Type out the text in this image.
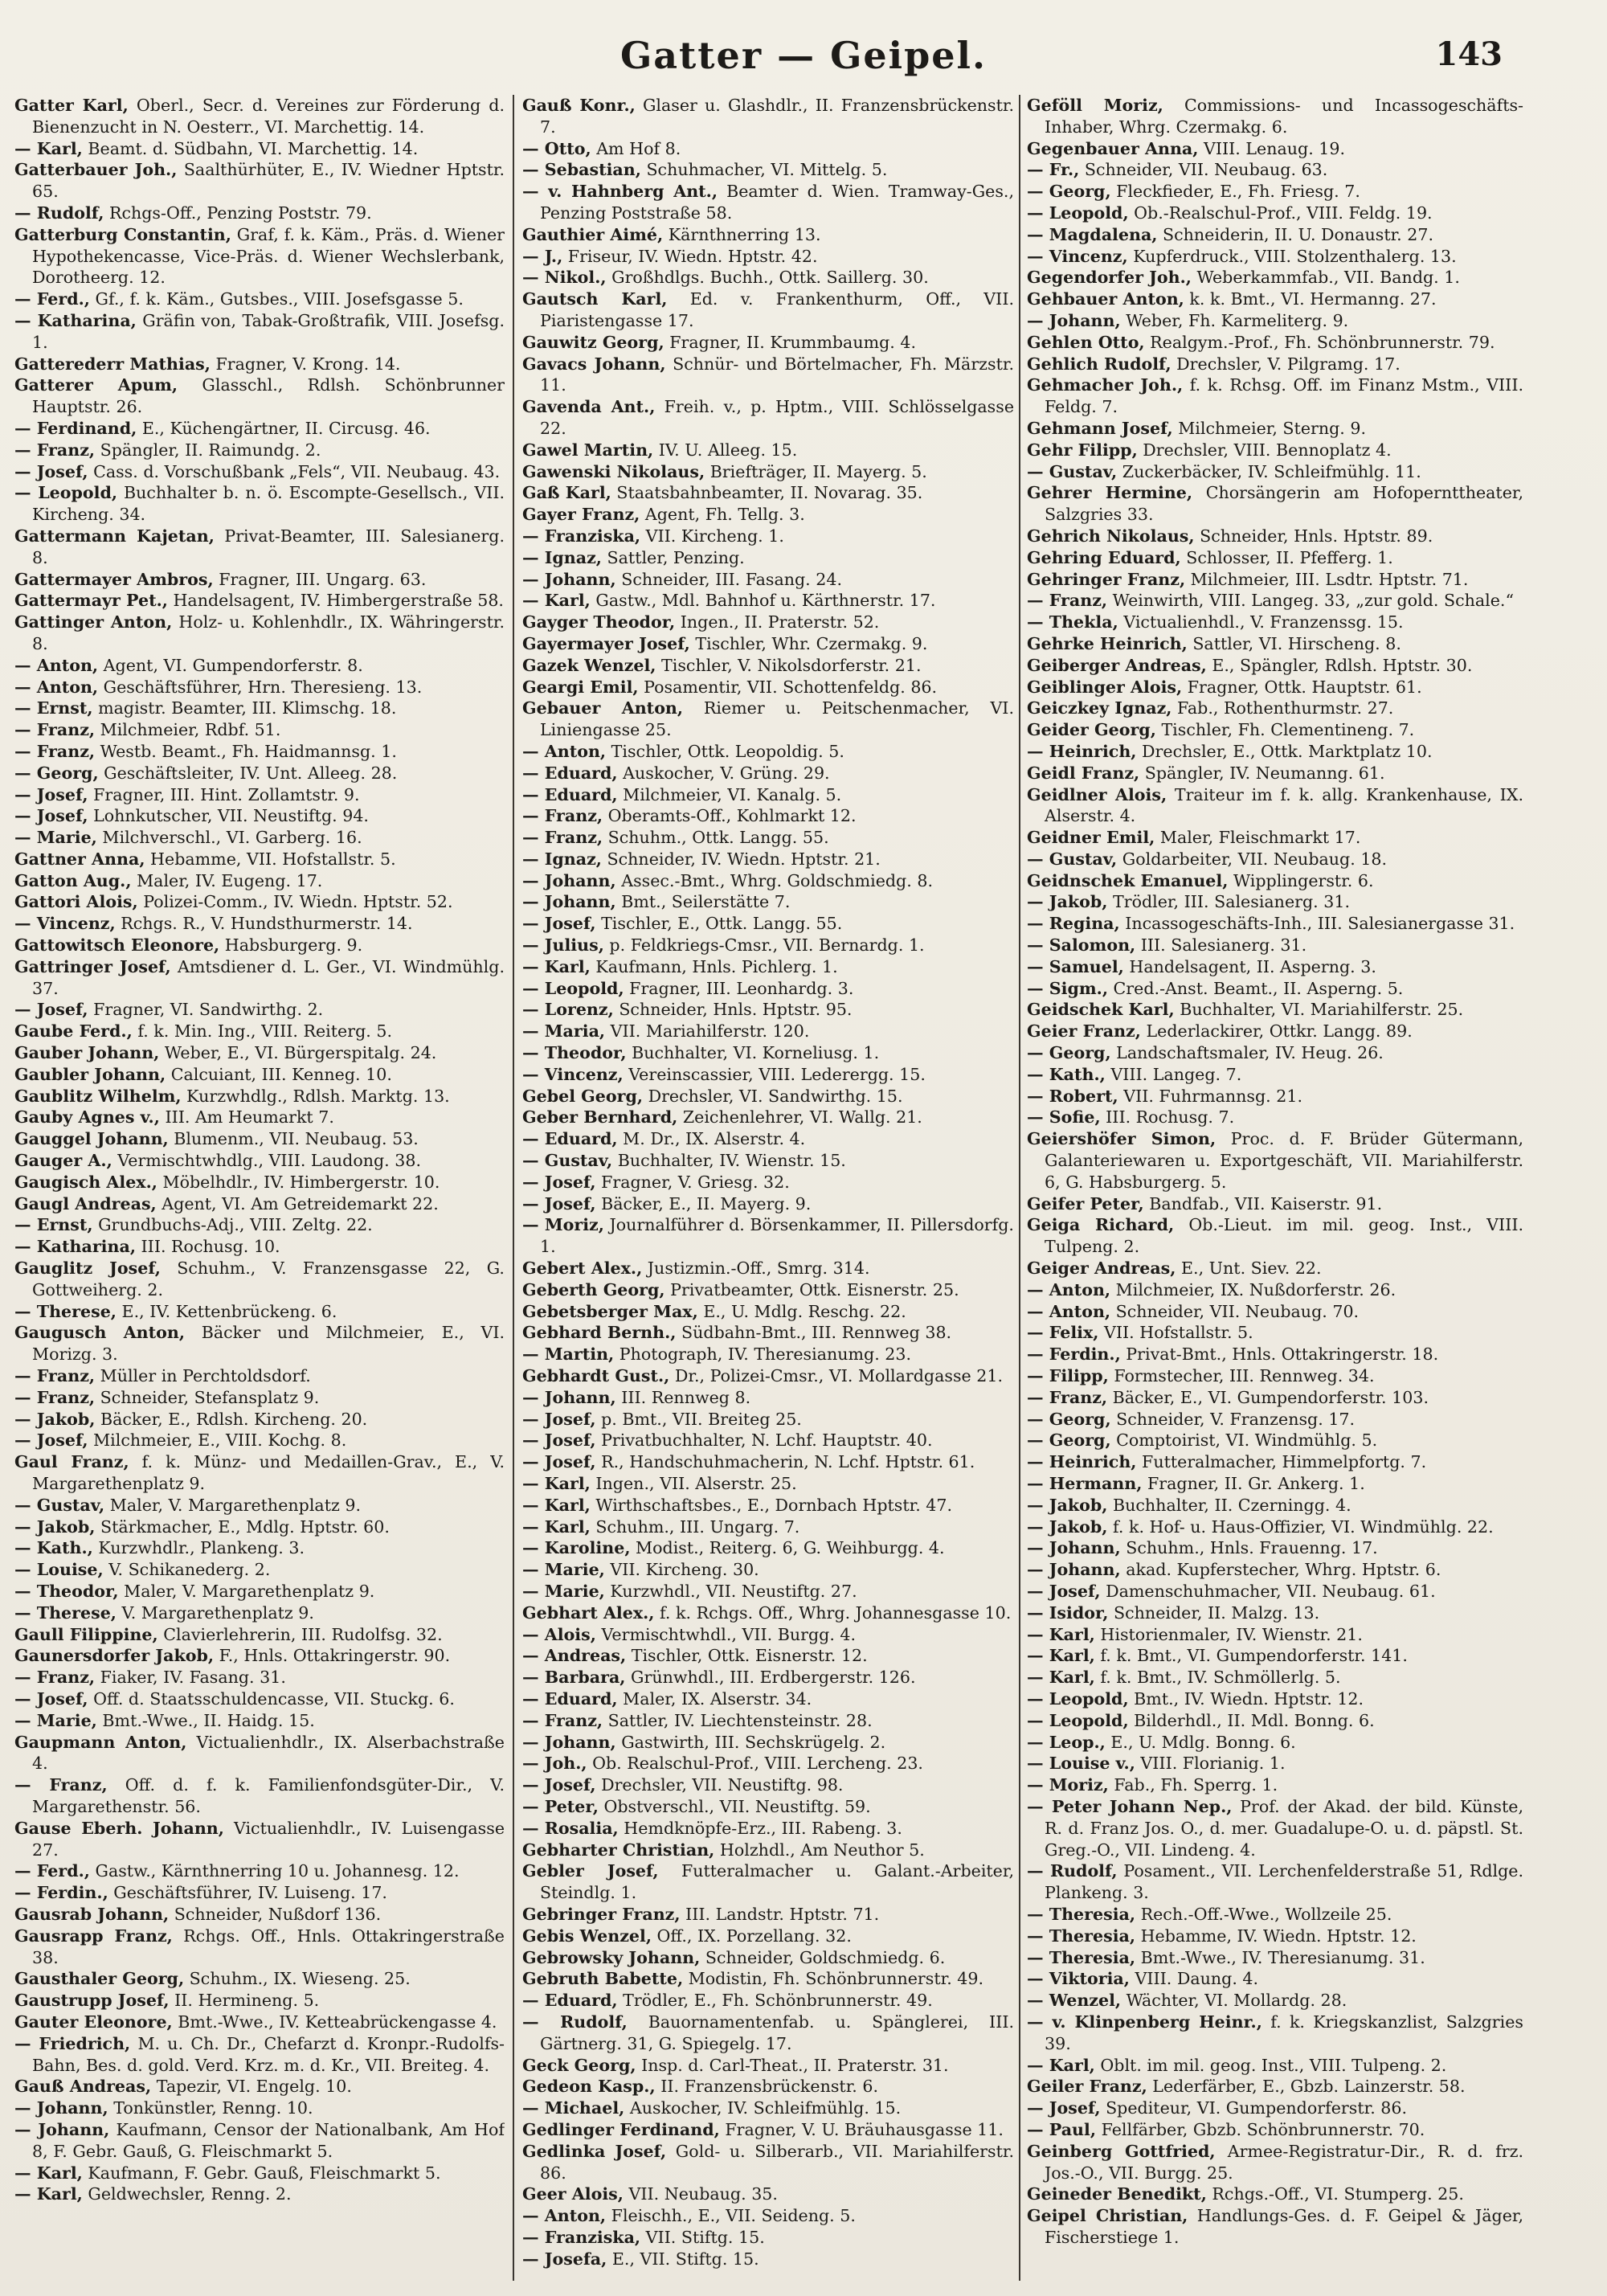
Gatter — Geipel.	143
Gatter Karl, Oberl., Secr. d. Vereines zur Förderung d. Bienenzucht in N. Oesterr., VI. Marchettig. 14.
— Karl, Beamt. d. Südbahn, VI. Marchettig. 14.
Gatterbauer Joh., Saalthürhüter, E., IV. Wiedner Hptstr. 65.
— Rudolf, Rchgs-Off., Penzing Poststr. 79.
Gatterburg Constantin, Graf, f. k. Käm., Präs. d. Wiener Hypothekencasse, Vice-Präs. d. Wiener Wechslerbank, Dorotheerg. 12.
— Ferd., Gf., f. k. Käm., Gutsbes., VIII. Josefsgasse 5.
— Katharina, Gräfin von, Tabak-Großtrafik, VIII. Josefsg. 1.
Gatterederr Mathias, Fragner, V. Krong. 14.
Gatterer Apum, Glasschl., Rdlsh. Schönbrunner Hauptstr. 26.
— Ferdinand, E., Küchengärtner, II. Circusg. 46.
— Franz, Spängler, II. Raimundg. 2.
— Josef, Cass. d. Vorschußbank „Fels“, VII. Neubaug. 43.
— Leopold, Buchhalter b. n. ö. Escompte-Gesellsch., VII. Kircheng. 34.
Gattermann Kajetan, Privat-Beamter, III. Salesianerg. 8.
Gattermayer Ambros, Fragner, III. Ungarg. 63.
Gattermayr Pet., Handelsagent, IV. Himbergerstraße 58.
Gattinger Anton, Holz- u. Kohlenhdlr., IX. Währingerstr. 8.
— Anton, Agent, VI. Gumpendorferstr. 8.
— Anton, Geschäftsführer, Hrn. Theresieng. 13.
— Ernst, magistr. Beamter, III. Klimschg. 18.
— Franz, Milchmeier, Rdbf. 51.
— Franz, Westb. Beamt., Fh. Haidmannsg. 1.
— Georg, Geschäftsleiter, IV. Unt. Alleeg. 28.
— Josef, Fragner, III. Hint. Zollamtstr. 9.
— Josef, Lohnkutscher, VII. Neustiftg. 94.
— Marie, Milchverschl., VI. Garberg. 16.
Gattner Anna, Hebamme, VII. Hofstallstr. 5.
Gatton Aug., Maler, IV. Eugeng. 17.
Gattori Alois, Polizei-Comm., IV. Wiedn. Hptstr. 52.
— Vincenz, Rchgs. R., V. Hundsthurmerstr. 14.
Gattowitsch Eleonore, Habsburgerg. 9.
Gattringer Josef, Amtsdiener d. L. Ger., VI. Windmühlg. 37.
— Josef, Fragner, VI. Sandwirthg. 2.
Gaube Ferd., f. k. Min. Ing., VIII. Reiterg. 5.
Gauber Johann, Weber, E., VI. Bürgerspitalg. 24.
Gaubler Johann, Calcuiant, III. Kenneg. 10.
Gaublitz Wilhelm, Kurzwhdlg., Rdlsh. Marktg. 13.
Gauby Agnes v., III. Am Heumarkt 7.
Gauggel Johann, Blumenm., VII. Neubaug. 53.
Gauger A., Vermischtwhdlg., VIII. Laudong. 38.
Gaugisch Alex., Möbelhdlr., IV. Himbergerstr. 10.
Gaugl Andreas, Agent, VI. Am Getreidemarkt 22.
— Ernst, Grundbuchs-Adj., VIII. Zeltg. 22.
— Katharina, III. Rochusg. 10.
Gauglitz Josef, Schuhm., V. Franzensgasse 22, G. Gottweiherg. 2.
— Therese, E., IV. Kettenbrückeng. 6.
Gaugusch Anton, Bäcker und Milchmeier, E., VI. Morizg. 3.
— Franz, Müller in Perchtoldsdorf.
— Franz, Schneider, Stefansplatz 9.
— Jakob, Bäcker, E., Rdlsh. Kircheng. 20.
— Josef, Milchmeier, E., VIII. Kochg. 8.
Gaul Franz, f. k. Münz- und Medaillen-Grav., E., V. Margarethenplatz 9.
— Gustav, Maler, V. Margarethenplatz 9.
— Jakob, Stärkmacher, E., Mdlg. Hptstr. 60.
— Kath., Kurzwhdlr., Plankeng. 3.
— Louise, V. Schikanederg. 2.
— Theodor, Maler, V. Margarethenplatz 9.
— Therese, V. Margarethenplatz 9.
Gaull Filippine, Clavierlehrerin, III. Rudolfsg. 32.
Gaunersdorfer Jakob, F., Hnls. Ottakringerstr. 90.
— Franz, Fiaker, IV. Fasang. 31.
— Josef, Off. d. Staatsschuldencasse, VII. Stuckg. 6.
— Marie, Bmt.-Wwe., II. Haidg. 15.
Gaupmann Anton, Victualienhdlr., IX. Alserbachstraße 4.
— Franz, Off. d. f. k. Familienfondsgüter-Dir., V. Margarethenstr. 56.
Gause Eberh. Johann, Victualienhdlr., IV. Luisengasse 27.
— Ferd., Gastw., Kärnthnerring 10 u. Johannesg. 12.
— Ferdin., Geschäftsführer, IV. Luiseng. 17.
Gausrab Johann, Schneider, Nußdorf 136.
Gausrapp Franz, Rchgs. Off., Hnls. Ottakringerstraße 38.
Gausthaler Georg, Schuhm., IX. Wieseng. 25.
Gaustrupp Josef, II. Hermineng. 5.
Gauter Eleonore, Bmt.-Wwe., IV. Ketteabrückengasse 4.
— Friedrich, M. u. Ch. Dr., Chefarzt d. Kronpr.-Rudolfs-Bahn, Bes. d. gold. Verd. Krz. m. d. Kr., VII. Breiteg. 4.
Gauß Andreas, Tapezir, VI. Engelg. 10.
— Johann, Tonkünstler, Renng. 10.
— Johann, Kaufmann, Censor der Nationalbank, Am Hof 8, F. Gebr. Gauß, G. Fleischmarkt 5.
— Karl, Kaufmann, F. Gebr. Gauß, Fleischmarkt 5.
— Karl, Geldwechsler, Renng. 2.
Gauß Konr., Glaser u. Glashdlr., II. Franzensbrückenstr. 7.
— Otto, Am Hof 8.
— Sebastian, Schuhmacher, VI. Mittelg. 5.
— v. Hahnberg Ant., Beamter d. Wien. Tramway-Ges., Penzing Poststraße 58.
Gauthier Aimé, Kärnthnerring 13.
— J., Friseur, IV. Wiedn. Hptstr. 42.
— Nikol., Großhdlgs. Buchh., Ottk. Saillerg. 30.
Gautsch Karl, Ed. v. Frankenthurm, Off., VII. Piaristengasse 17.
Gauwitz Georg, Fragner, II. Krummbaumg. 4.
Gavacs Johann, Schnür- und Börtelmacher, Fh. Märzstr. 11.
Gavenda Ant., Freih. v., p. Hptm., VIII. Schlösselgasse 22.
Gawel Martin, IV. U. Alleeg. 15.
Gawenski Nikolaus, Briefträger, II. Mayerg. 5.
Gaß Karl, Staatsbahnbeamter, II. Novarag. 35.
Gayer Franz, Agent, Fh. Tellg. 3.
— Franziska, VII. Kircheng. 1.
— Ignaz, Sattler, Penzing.
— Johann, Schneider, III. Fasang. 24.
— Karl, Gastw., Mdl. Bahnhof u. Kärthnerstr. 17.
Gayger Theodor, Ingen., II. Praterstr. 52.
Gayermayer Josef, Tischler, Whr. Czermakg. 9.
Gazek Wenzel, Tischler, V. Nikolsdorferstr. 21.
Geargi Emil, Posamentir, VII. Schottenfeldg. 86.
Gebauer Anton, Riemer u. Peitschenmacher, VI. Liniengasse 25.
— Anton, Tischler, Ottk. Leopoldig. 5.
— Eduard, Auskocher, V. Grüng. 29.
— Eduard, Milchmeier, VI. Kanalg. 5.
— Franz, Oberamts-Off., Kohlmarkt 12.
— Franz, Schuhm., Ottk. Langg. 55.
— Ignaz, Schneider, IV. Wiedn. Hptstr. 21.
— Johann, Assec.-Bmt., Whrg. Goldschmiedg. 8.
— Johann, Bmt., Seilerstätte 7.
— Josef, Tischler, E., Ottk. Langg. 55.
— Julius, p. Feldkriegs-Cmsr., VII. Bernardg. 1.
— Karl, Kaufmann, Hnls. Pichlerg. 1.
— Leopold, Fragner, III. Leonhardg. 3.
— Lorenz, Schneider, Hnls. Hptstr. 95.
— Maria, VII. Mariahilferstr. 120.
— Theodor, Buchhalter, VI. Korneliusg. 1.
— Vincenz, Vereinscassier, VIII. Lederergg. 15.
Gebel Georg, Drechsler, VI. Sandwirthg. 15.
Geber Bernhard, Zeichenlehrer, VI. Wallg. 21.
— Eduard, M. Dr., IX. Alserstr. 4.
— Gustav, Buchhalter, IV. Wienstr. 15.
— Josef, Fragner, V. Griesg. 32.
— Josef, Bäcker, E., II. Mayerg. 9.
— Moriz, Journalführer d. Börsenkammer, II. Pillersdorfg. 1.
Gebert Alex., Justizmin.-Off., Smrg. 314.
Geberth Georg, Privatbeamter, Ottk. Eisnerstr. 25.
Gebetsberger Max, E., U. Mdlg. Reschg. 22.
Gebhard Bernh., Südbahn-Bmt., III. Rennweg 38.
— Martin, Photograph, IV. Theresianumg. 23.
Gebhardt Gust., Dr., Polizei-Cmsr., VI. Mollardgasse 21.
— Johann, III. Rennweg 8.
— Josef, p. Bmt., VII. Breiteg 25.
— Josef, Privatbuchhalter, N. Lchf. Hauptstr. 40.
— Josef, R., Handschuhmacherin, N. Lchf. Hptstr. 61.
— Karl, Ingen., VII. Alserstr. 25.
— Karl, Wirthschaftsbes., E., Dornbach Hptstr. 47.
— Karl, Schuhm., III. Ungarg. 7.
— Karoline, Modist., Reiterg. 6, G. Weihburgg. 4.
— Marie, VII. Kircheng. 30.
— Marie, Kurzwhdl., VII. Neustiftg. 27.
Gebhart Alex., f. k. Rchgs. Off., Whrg. Johannesgasse 10.
— Alois, Vermischtwhdl., VII. Burgg. 4.
— Andreas, Tischler, Ottk. Eisnerstr. 12.
— Barbara, Grünwhdl., III. Erdbergerstr. 126.
— Eduard, Maler, IX. Alserstr. 34.
— Franz, Sattler, IV. Liechtensteinstr. 28.
— Johann, Gastwirth, III. Sechskrügelg. 2.
— Joh., Ob. Realschul-Prof., VIII. Lercheng. 23.
— Josef, Drechsler, VII. Neustiftg. 98.
— Peter, Obstverschl., VII. Neustiftg. 59.
— Rosalia, Hemdknöpfe-Erz., III. Rabeng. 3.
Gebharter Christian, Holzhdl., Am Neuthor 5.
Gebler Josef, Futteralmacher u. Galant.-Arbeiter, Steindlg. 1.
Gebringer Franz, III. Landstr. Hptstr. 71.
Gebis Wenzel, Off., IX. Porzellang. 32.
Gebrowsky Johann, Schneider, Goldschmiedg. 6.
Gebruth Babette, Modistin, Fh. Schönbrunnerstr. 49.
— Eduard, Trödler, E., Fh. Schönbrunnerstr. 49.
— Rudolf, Bauornamentenfab. u. Spänglerei, III. Gärtnerg. 31, G. Spiegelg. 17.
Geck Georg, Insp. d. Carl-Theat., II. Praterstr. 31.
Gedeon Kasp., II. Franzensbrückenstr. 6.
— Michael, Auskocher, IV. Schleifmühlg. 15.
Gedlinger Ferdinand, Fragner, V. U. Bräuhausgasse 11.
Gedlinka Josef, Gold- u. Silberarb., VII. Mariahilferstr. 86.
Geer Alois, VII. Neubaug. 35.
— Anton, Fleischh., E., VII. Seideng. 5.
— Franziska, VII. Stiftg. 15.
— Josefa, E., VII. Stiftg. 15.
Geföll Moriz, Commissions- und Incassogeschäfts-Inhaber, Whrg. Czermakg. 6.
Gegenbauer Anna, VIII. Lenaug. 19.
— Fr., Schneider, VII. Neubaug. 63.
— Georg, Fleckfieder, E., Fh. Friesg. 7.
— Leopold, Ob.-Realschul-Prof., VIII. Feldg. 19.
— Magdalena, Schneiderin, II. U. Donaustr. 27.
— Vincenz, Kupferdruck., VIII. Stolzenthalerg. 13.
Gegendorfer Joh., Weberkammfab., VII. Bandg. 1.
Gehbauer Anton, k. k. Bmt., VI. Hermanng. 27.
— Johann, Weber, Fh. Karmeliterg. 9.
Gehlen Otto, Realgym.-Prof., Fh. Schönbrunnerstr. 79.
Gehlich Rudolf, Drechsler, V. Pilgramg. 17.
Gehmacher Joh., f. k. Rchsg. Off. im Finanz Mstm., VIII. Feldg. 7.
Gehmann Josef, Milchmeier, Sterng. 9.
Gehr Filipp, Drechsler, VIII. Bennoplatz 4.
— Gustav, Zuckerbäcker, IV. Schleifmühlg. 11.
Gehrer Hermine, Chorsängerin am Hofopernttheater, Salzgries 33.
Gehrich Nikolaus, Schneider, Hnls. Hptstr. 89.
Gehring Eduard, Schlosser, II. Pfefferg. 1.
Gehringer Franz, Milchmeier, III. Lsdtr. Hptstr. 71.
— Franz, Weinwirth, VIII. Langeg. 33, „zur gold. Schale.“
— Thekla, Victualienhdl., V. Franzenssg. 15.
Gehrke Heinrich, Sattler, VI. Hirscheng. 8.
Geiberger Andreas, E., Spängler, Rdlsh. Hptstr. 30.
Geiblinger Alois, Fragner, Ottk. Hauptstr. 61.
Geiczkey Ignaz, Fab., Rothenthurmstr. 27.
Geider Georg, Tischler, Fh. Clementineng. 7.
— Heinrich, Drechsler, E., Ottk. Marktplatz 10.
Geidl Franz, Spängler, IV. Neumanng. 61.
Geidlner Alois, Traiteur im f. k. allg. Krankenhause, IX. Alserstr. 4.
Geidner Emil, Maler, Fleischmarkt 17.
— Gustav, Goldarbeiter, VII. Neubaug. 18.
Geidnschek Emanuel, Wipplingerstr. 6.
— Jakob, Trödler, III. Salesianerg. 31.
— Regina, Incassogeschäfts-Inh., III. Salesianergasse 31.
— Salomon, III. Salesianerg. 31.
— Samuel, Handelsagent, II. Asperng. 3.
— Sigm., Cred.-Anst. Beamt., II. Asperng. 5.
Geidschek Karl, Buchhalter, VI. Mariahilferstr. 25.
Geier Franz, Lederlackirer, Ottkr. Langg. 89.
— Georg, Landschaftsmaler, IV. Heug. 26.
— Kath., VIII. Langeg. 7.
— Robert, VII. Fuhrmannsg. 21.
— Sofie, III. Rochusg. 7.
Geiershöfer Simon, Proc. d. F. Brüder Gütermann, Galanteriewaren u. Exportgeschäft, VII. Mariahilferstr. 6, G. Habsburgerg. 5.
Geifer Peter, Bandfab., VII. Kaiserstr. 91.
Geiga Richard, Ob.-Lieut. im mil. geog. Inst., VIII. Tulpeng. 2.
Geiger Andreas, E., Unt. Siev. 22.
— Anton, Milchmeier, IX. Nußdorferstr. 26.
— Anton, Schneider, VII. Neubaug. 70.
— Felix, VII. Hofstallstr. 5.
— Ferdin., Privat-Bmt., Hnls. Ottakringerstr. 18.
— Filipp, Formstecher, III. Rennweg. 34.
— Franz, Bäcker, E., VI. Gumpendorferstr. 103.
— Georg, Schneider, V. Franzensg. 17.
— Georg, Comptoirist, VI. Windmühlg. 5.
— Heinrich, Futteralmacher, Himmelpfortg. 7.
— Hermann, Fragner, II. Gr. Ankerg. 1.
— Jakob, Buchhalter, II. Czerningg. 4.
— Jakob, f. k. Hof- u. Haus-Offizier, VI. Windmühlg. 22.
— Johann, Schuhm., Hnls. Frauenng. 17.
— Johann, akad. Kupferstecher, Whrg. Hptstr. 6.
— Josef, Damenschuhmacher, VII. Neubaug. 61.
— Isidor, Schneider, II. Malzg. 13.
— Karl, Historienmaler, IV. Wienstr. 21.
— Karl, f. k. Bmt., VI. Gumpendorferstr. 141.
— Karl, f. k. Bmt., IV. Schmöllerlg. 5.
— Leopold, Bmt., IV. Wiedn. Hptstr. 12.
— Leopold, Bilderhdl., II. Mdl. Bonng. 6.
— Leop., E., U. Mdlg. Bonng. 6.
— Louise v., VIII. Florianig. 1.
— Moriz, Fab., Fh. Sperrg. 1.
— Peter Johann Nep., Prof. der Akad. der bild. Künste, R. d. Franz Jos. O., d. mer. Guadalupe-O. u. d. päpstl. St. Greg.-O., VII. Lindeng. 4.
— Rudolf, Posament., VII. Lerchenfelderstraße 51, Rdlge. Plankeng. 3.
— Theresia, Rech.-Off.-Wwe., Wollzeile 25.
— Theresia, Hebamme, IV. Wiedn. Hptstr. 12.
— Theresia, Bmt.-Wwe., IV. Theresianumg. 31.
— Viktoria, VIII. Daung. 4.
— Wenzel, Wächter, VI. Mollardg. 28.
— v. Klinpenberg Heinr., f. k. Kriegskanzlist, Salzgries 39.
— Karl, Oblt. im mil. geog. Inst., VIII. Tulpeng. 2.
Geiler Franz, Lederfärber, E., Gbzb. Lainzerstr. 58.
— Josef, Spediteur, VI. Gumpendorferstr. 86.
— Paul, Fellfärber, Gbzb. Schönbrunnerstr. 70.
Geinberg Gottfried, Armee-Registratur-Dir., R. d. frz. Jos.-O., VII. Burgg. 25.
Geineder Benedikt, Rchgs.-Off., VI. Stumperg. 25.
Geipel Christian, Handlungs-Ges. d. F. Geipel & Jäger, Fischerstiege 1.
